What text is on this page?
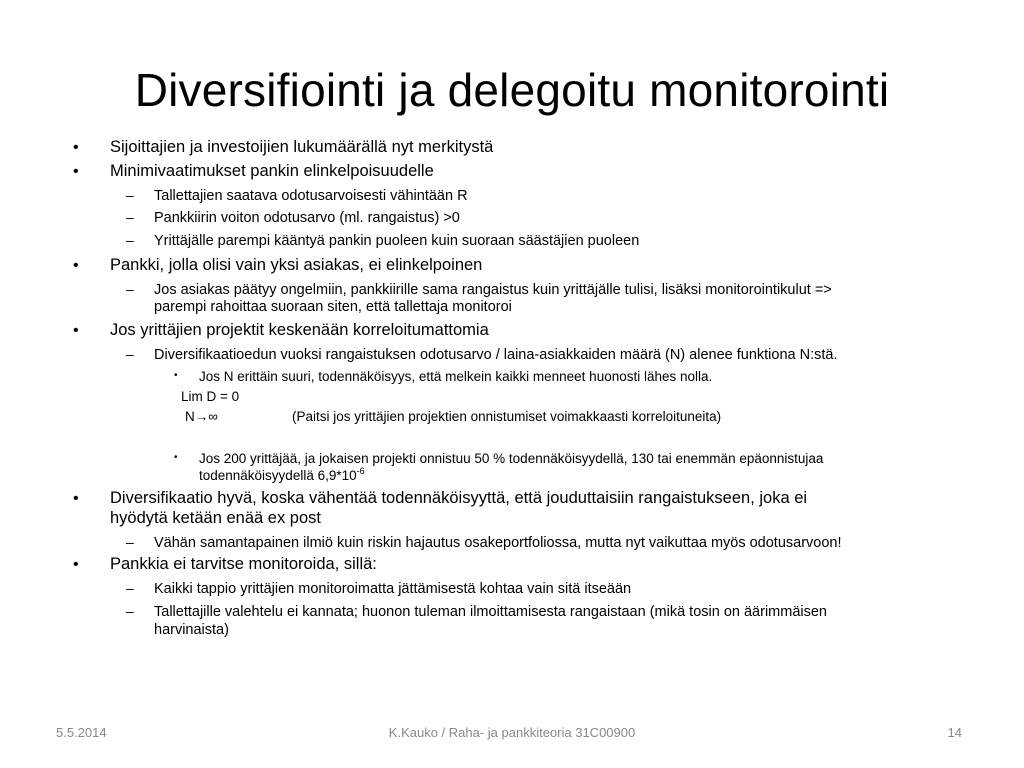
Diversifiointi ja delegoitu monitorointi
• Sijoittajien ja investoijien lukumäärällä nyt merkitystä
• Minimivaatimukset pankin elinkelpoisuudelle
– Tallettajien saatava odotusarvoisesti vähintään R
– Pankkiirin voiton odotusarvo (ml. rangaistus) >0
– Yrittäjälle parempi kääntyä pankin puoleen kuin suoraan säästäjien puoleen
• Pankki, jolla olisi vain yksi asiakas, ei elinkelpoinen
– Jos asiakas päätyy ongelmiin, pankkiirille sama rangaistus kuin yrittäjälle tulisi, lisäksi monitorointikulut =>
parempi rahoittaa suoraan siten, että tallettaja monitoroi
• Jos yrittäjien projektit keskenään korreloitumattomia
– Diversifikaatioedun vuoksi rangaistuksen odotusarvo / laina-asiakkaiden määrä (N) alenee funktiona N:stä.
• Jos N erittäin suuri, todennäköisyys, että melkein kaikki menneet huonosti lähes nolla.
Lim D = 0
N→∞	(Paitsi jos yrittäjien projektien onnistumiset voimakkaasti korreloituneita)
• Jos 200 yrittäjää, ja jokaisen projekti onnistuu 50 % todennäköisyydellä, 130 tai enemmän epäonnistujaa
todennäköisyydellä $6,9*10^{-6}$
• Diversifikaatio hyvä, koska vähentää todennäköisyyttä, että jouduttaisiin rangaistukseen, joka ei
hyödytä ketään enää ex post
– Vähän samantapainen ilmiö kuin riskin hajautus osakeportfoliossa, mutta nyt vaikuttaa myös odotusarvoon!
• Pankkia ei tarvitse monitoroida, sillä:
– Kaikki tappio yrittäjien monitoroimatta jättämisestä kohtaa vain sitä itseään
– Tallettajille valehtelu ei kannata; huonon tuleman ilmoittamisesta rangaistaan (mikä tosin on äärimmäisen
harvinaista)
5.5.2014	K.Kauko / Raha- ja pankkiteoria 31C00900	14
